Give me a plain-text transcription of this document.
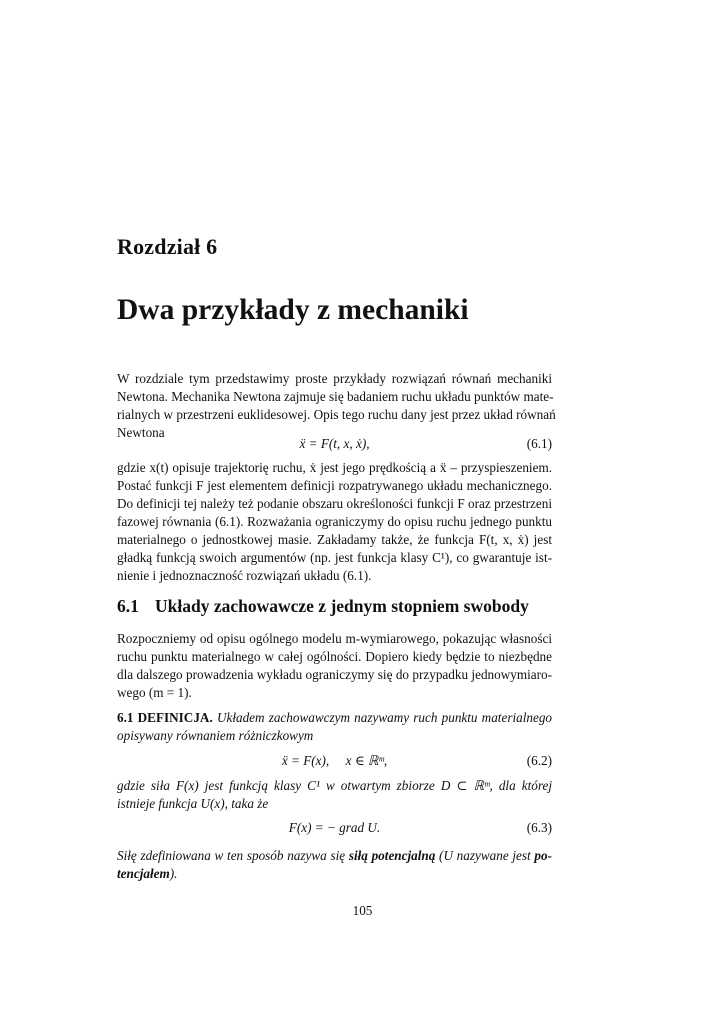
Rozdział 6
Dwa przykłady z mechaniki

W rozdziale tym przedstawimy proste przykłady rozwiązań równań mechaniki
Newtona. Mechanika Newtona zajmuje się badaniem ruchu układu punktów mate-
rialnych w przestrzeni euklidesowej. Opis tego ruchu dany jest przez układ równań
Newtona

ẍ = F(t, x, ẋ),	(6.1)

gdzie x(t) opisuje trajektorię ruchu, ẋ jest jego prędkością a ẍ – przyspieszeniem.
Postać funkcji F jest elementem definicji rozpatrywanego układu mechanicznego.
Do definicji tej należy też podanie obszaru określoności funkcji F oraz przestrzeni
fazowej równania (6.1). Rozważania ograniczymy do opisu ruchu jednego punktu
materialnego o jednostkowej masie. Zakładamy także, że funkcja F(t, x, ẋ) jest
gładką funkcją swoich argumentów (np. jest funkcja klasy C¹), co gwarantuje ist-
nienie i jednoznaczność rozwiązań układu (6.1).

6.1 Układy zachowawcze z jednym stopniem swobody

Rozpoczniemy od opisu ogólnego modelu m-wymiarowego, pokazując własności
ruchu punktu materialnego w całej ogólności. Dopiero kiedy będzie to niezbędne
dla dalszego prowadzenia wykładu ograniczymy się do przypadku jednowymiaro-
wego (m = 1).

6.1 DEFINICJA. Układem zachowawczym nazywamy ruch punktu materialnego
opisywany równaniem różniczkowym

ẍ = F(x),     x ∈ ℝᵐ,	(6.2)

gdzie siła F(x) jest funkcją klasy C¹ w otwartym zbiorze D ⊂ ℝᵐ, dla której
istnieje funkcja U(x), taka że

F(x) = − grad U.	(6.3)

Siłę zdefiniowana w ten sposób nazywa się siłą potencjalną (U nazywane jest po-
tencjałem).

105
